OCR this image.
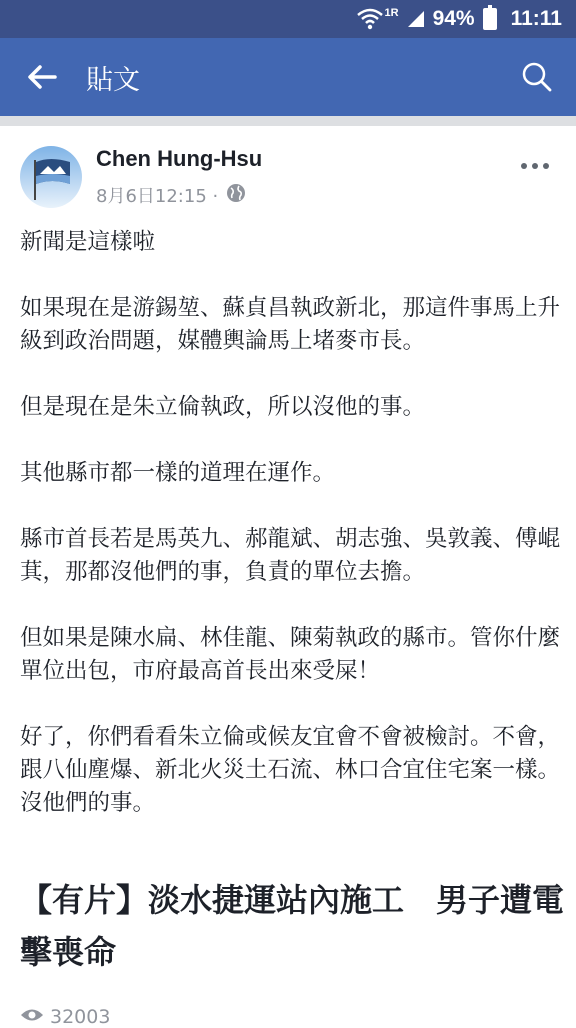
1R 94% 11:11
貼文
Chen Hung-Hsu
8月6日12:15 ·

新聞是這樣啦

如果現在是游錫堃、蘇貞昌執政新北，那這件事馬上升級到政治問題，媒體輿論馬上堵麥市長。

但是現在是朱立倫執政，所以沒他的事。

其他縣市都一樣的道理在運作。

縣市首長若是馬英九、郝龍斌、胡志強、吳敦義、傅崐萁，那都沒他們的事，負責的單位去擔。

但如果是陳水扁、林佳龍、陳菊執政的縣市。管你什麼單位出包，市府最高首長出來受屎！

好了，你們看看朱立倫或候友宜會不會被檢討。不會，跟八仙塵爆、新北火災土石流、林口合宜住宅案一樣。沒他們的事。

【有片】淡水捷運站內施工　男子遭電擊喪命
32003
